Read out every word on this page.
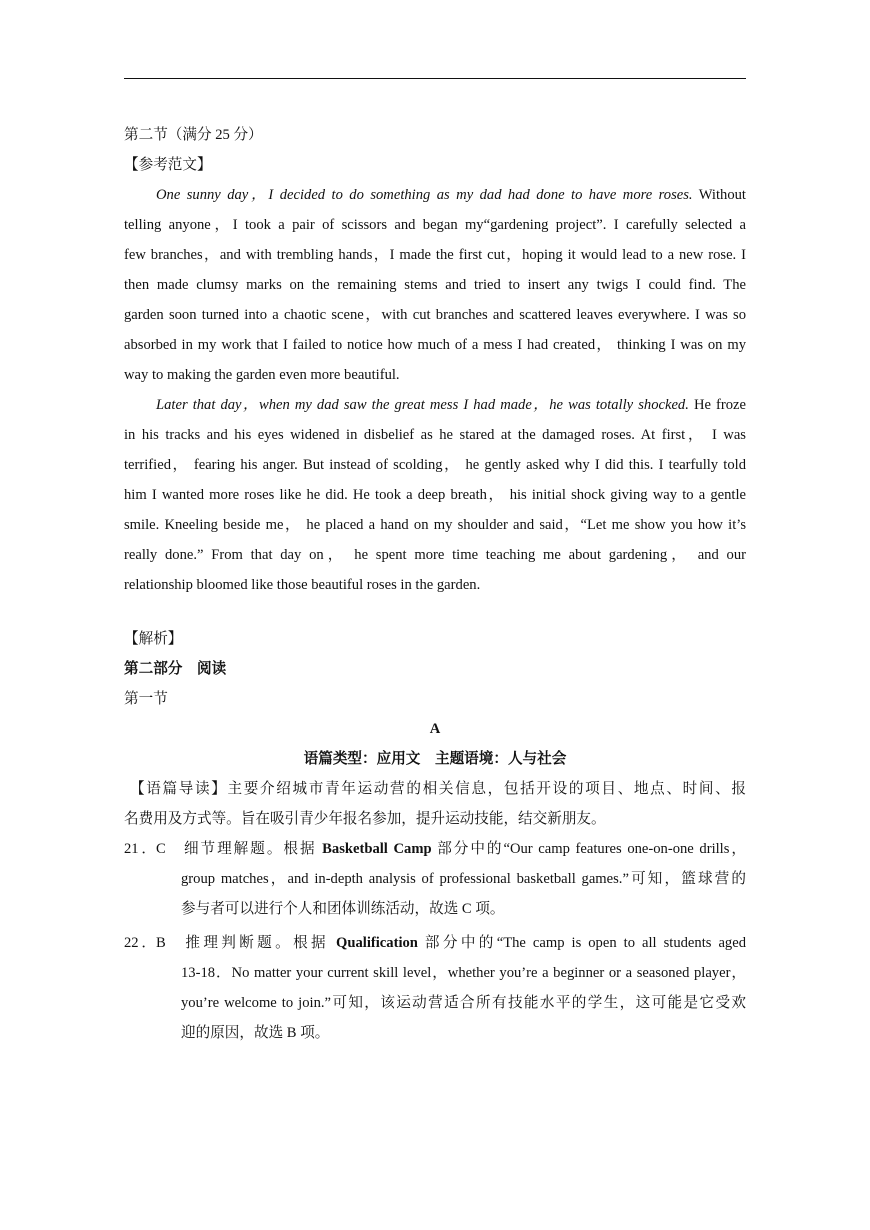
第二节（满分 25 分）
【参考范文】
One sunny day，I decided to do something as my dad had done to have more roses. Without
telling anyone，I took a pair of scissors and began my“gardening project”. I carefully selected a
few branches，and with trembling hands，I made the first cut，hoping it would lead to a new rose. I
then made clumsy marks on the remaining stems and tried to insert any twigs I could find. The
garden soon turned into a chaotic scene，with cut branches and scattered leaves everywhere. I was so
absorbed in my work that I failed to notice how much of a mess I had created， thinking I was on my
way to making the garden even more beautiful.
Later that day，when my dad saw the great mess I had made，he was totally shocked. He froze
in his tracks and his eyes widened in disbelief as he stared at the damaged roses. At first， I was
terrified， fearing his anger. But instead of scolding， he gently asked why I did this. I tearfully told
him I wanted more roses like he did. He took a deep breath， his initial shock giving way to a gentle
smile. Kneeling beside me， he placed a hand on my shoulder and said，“Let me show you how it’s
really done.” From that day on， he spent more time teaching me about gardening， and our
relationship bloomed like those beautiful roses in the garden.
【解析】
第二部分　阅读
第一节
A
语篇类型：应用文　主题语境：人与社会
【语篇导读】主要介绍城市青年运动营的相关信息，包括开设的项目、地点、时间、报
名费用及方式等。旨在吸引青少年报名参加，提升运动技能，结交新朋友。
21．C 细节理解题。根据 Basketball Camp 部分中的“Our camp features one-on-one drills，
group matches，and in-depth analysis of professional basketball games.”可知，篮球营的
参与者可以进行个人和团体训练活动，故选 C 项。
22．B 推理判断题。根据 Qualification 部分中的“The camp is open to all students aged
13-18．No matter your current skill level，whether you’re a beginner or a seasoned player，
you’re welcome to join.”可知，该运动营适合所有技能水平的学生，这可能是它受欢
迎的原因，故选 B 项。
